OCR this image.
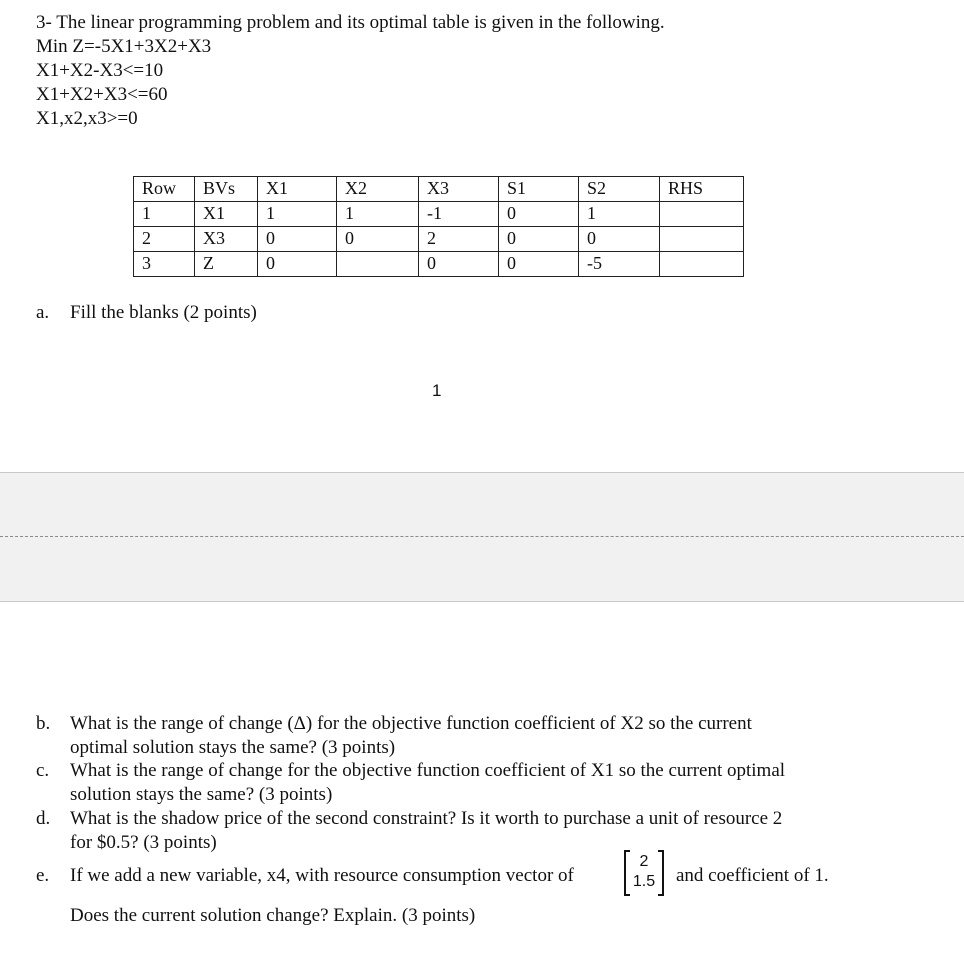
3- The linear programming problem and its optimal table is given in the following.
Min Z=-5X1+3X2+X3
X1+X2-X3<=10
X1+X2+X3<=60
X1,x2,x3>=0
Row	BVs	X1	X2	X3	S1	S2	RHS
1	X1	1	1	-1	0	1	
2	X3	0	0	2	0	0	
3	Z	0		0	0	-5	
a. Fill the blanks (2 points)
1
b. What is the range of change (Δ) for the objective function coefficient of X2 so the current
optimal solution stays the same? (3 points)
c. What is the range of change for the objective function coefficient of X1 so the current optimal
solution stays the same? (3 points)
d. What is the shadow price of the second constraint? Is it worth to purchase a unit of resource 2
for $0.5? (3 points)
e. If we add a new variable, x4, with resource consumption vector of
2
1.5	and coefficient of 1.
Does the current solution change? Explain. (3 points)
